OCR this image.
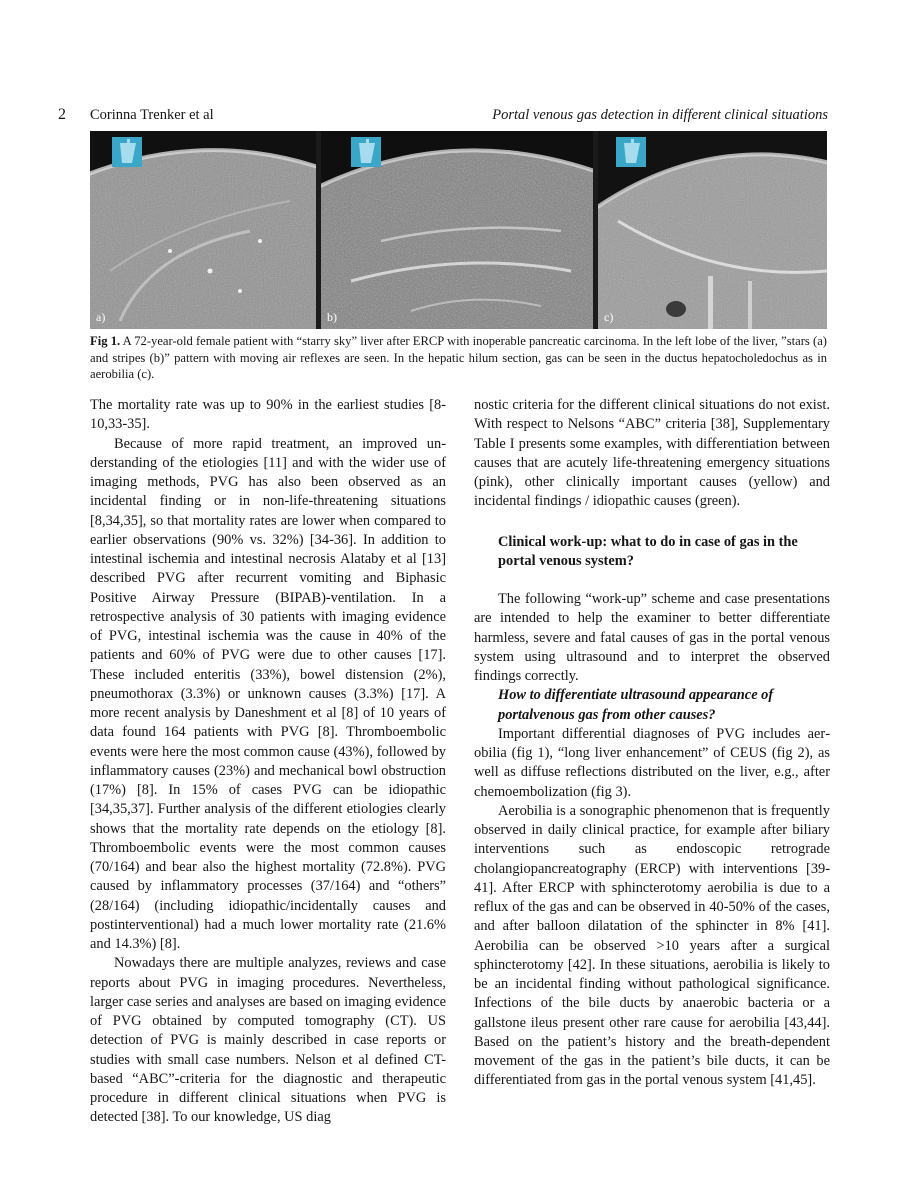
2 Corinna Trenker et al	Portal venous gas detection in different clinical situations
a)	b)	c)
Fig 1. A 72-year-old female patient with “starry sky” liver after ERCP with inoperable pancreatic carcinoma. In the left lobe of the liver, ”stars (a) and stripes (b)” pattern with moving air reflexes are seen. In the hepatic hilum section, gas can be seen in the ductus hepatocholedochus as in aerobilia (c).

The mortality rate was up to 90% in the earliest studies [8-10,33-35].

Because of more rapid treatment, an improved understanding of the etiologies [11] and with the wider use of imaging methods, PVG has also been observed as an incidental finding or in non-life-threatening situations [8,34,35], so that mortality rates are lower when compared to earlier observations (90% vs. 32%) [34-36]. In addition to intestinal ischemia and intestinal necrosis Alataby et al [13] described PVG after recurrent vomiting and Biphasic Positive Airway Pressure (BIPAB)-ventilation. In a retrospective analysis of 30 patients with imaging evidence of PVG, intestinal ischemia was the cause in 40% of the patients and 60% of PVG were due to other causes [17]. These included enteritis (33%), bowel distension (2%), pneumothorax (3.3%) or unknown causes (3.3%) [17]. A more recent analysis by Daneshment et al [8] of 10 years of data found 164 patients with PVG [8]. Thromboembolic events were here the most common cause (43%), followed by inflammatory causes (23%) and mechanical bowl obstruction (17%) [8]. In 15% of cases PVG can be idiopathic [34,35,37]. Further analysis of the different etiologies clearly shows that the mortality rate depends on the etiology [8]. Thromboembolic events were the most common causes (70/164) and bear also the highest mortality (72.8%). PVG caused by inflammatory processes (37/164) and “others” (28/164) (including idiopathic/incidentally causes and postinterventional) had a much lower mortality rate (21.6% and 14.3%) [8].

Nowadays there are multiple analyzes, reviews and case reports about PVG in imaging procedures. Nevertheless, larger case series and analyses are based on imaging evidence of PVG obtained by computed tomography (CT). US detection of PVG is mainly described in case reports or studies with small case numbers. Nelson et al defined CT-based “ABC”-criteria for the diagnostic and therapeutic procedure in different clinical situations when PVG is detected [38]. To our knowledge, US diag

nostic criteria for the different clinical situations do not exist. With respect to Nelsons “ABC” criteria [38], Supplementary Table I presents some examples, with differentiation between causes that are acutely life-threatening emergency situations (pink), other clinically important causes (yellow) and incidental findings / idiopathic causes (green).

Clinical work-up: what to do in case of gas in the portal venous system?

The following “work-up” scheme and case presentations are intended to help the examiner to better differentiate harmless, severe and fatal causes of gas in the portal venous system using ultrasound and to interpret the observed findings correctly.

How to differentiate ultrasound appearance of portalvenous gas from other causes?

Important differential diagnoses of PVG includes aerobilia (fig 1), “long liver enhancement” of CEUS (fig 2), as well as diffuse reflections distributed on the liver, e.g., after chemoembolization (fig 3).

Aerobilia is a sonographic phenomenon that is frequently observed in daily clinical practice, for example after biliary interventions such as endoscopic retrograde cholangiopancreatography (ERCP) with interventions [39-41]. After ERCP with sphincterotomy aerobilia is due to a reflux of the gas and can be observed in 40-50% of the cases, and after balloon dilatation of the sphincter in 8% [41]. Aerobilia can be observed >10 years after a surgical sphincterotomy [42]. In these situations, aerobilia is likely to be an incidental finding without pathological significance. Infections of the bile ducts by anaerobic bacteria or a gallstone ileus present other rare cause for aerobilia [43,44]. Based on the patient’s history and the breath-dependent movement of the gas in the patient’s bile ducts, it can be differentiated from gas in the portal venous system [41,45].
